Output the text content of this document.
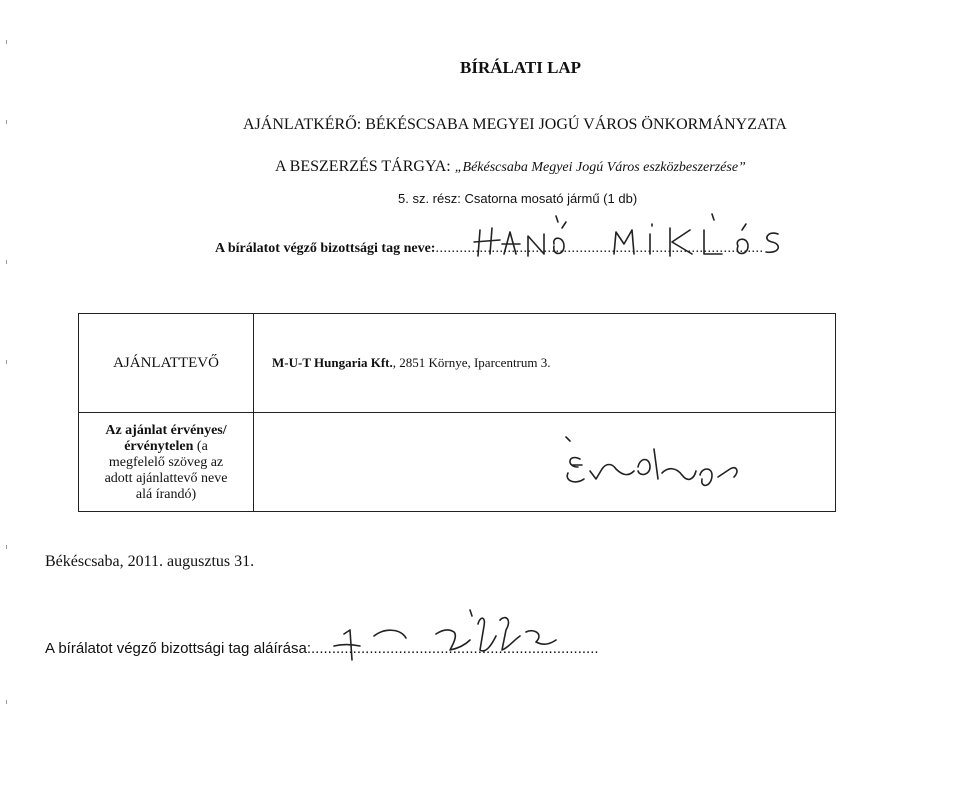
BÍRÁLATI LAP
AJÁNLATKÉRŐ: BÉKÉSCSABA MEGYEI JOGÚ VÁROS ÖNKORMÁNYZATA
A BESZERZÉS TÁRGYA: „Békéscsaba Megyei Jogú Város eszközbeszerzése”
5. sz. rész: Csatorna mosató jármű (1 db)
A bírálatot végző bizottsági tag neve:..................................................................................
AJÁNLATTEVŐ	M-U-T Hungaria Kft., 2851 Környe, Iparcentrum 3.

Az ajánlat érvényes/
érvénytelen (a
megfelelő szöveg az
adott ajánlattevő neve
alá írandó)

Békéscsaba, 2011. augusztus 31.
A bírálatot végző bizottsági tag aláírása:.....................................................................
